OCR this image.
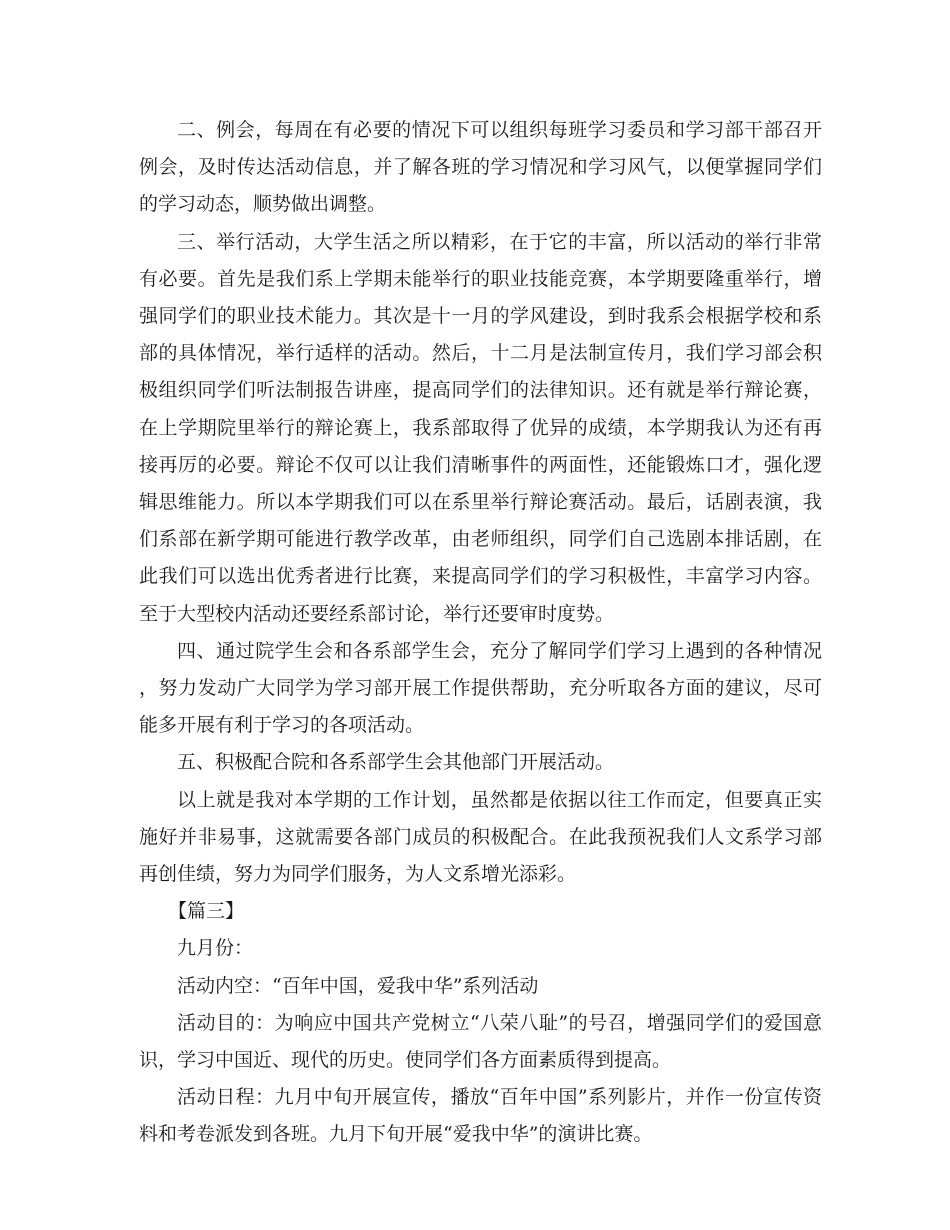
二、例会，每周在有必要的情况下可以组织每班学习委员和学习部干部召开例会，及时传达活动信息，并了解各班的学习情况和学习风气，以便掌握同学们的学习动态，顺势做出调整。

三、举行活动，大学生活之所以精彩，在于它的丰富，所以活动的举行非常有必要。首先是我们系上学期未能举行的职业技能竞赛，本学期要隆重举行，增强同学们的职业技术能力。其次是十一月的学风建设，到时我系会根据学校和系部的具体情况，举行适样的活动。然后，十二月是法制宣传月，我们学习部会积极组织同学们听法制报告讲座，提高同学们的法律知识。还有就是举行辩论赛，在上学期院里举行的辩论赛上，我系部取得了优异的成绩，本学期我认为还有再接再厉的必要。辩论不仅可以让我们清晰事件的两面性，还能锻炼口才，强化逻辑思维能力。所以本学期我们可以在系里举行辩论赛活动。最后，话剧表演，我们系部在新学期可能进行教学改革，由老师组织，同学们自己选剧本排话剧，在此我们可以选出优秀者进行比赛，来提高同学们的学习积极性，丰富学习内容。至于大型校内活动还要经系部讨论，举行还要审时度势。

四、通过院学生会和各系部学生会，充分了解同学们学习上遇到的各种情况，努力发动广大同学为学习部开展工作提供帮助，充分听取各方面的建议，尽可能多开展有利于学习的各项活动。

五、积极配合院和各系部学生会其他部门开展活动。

以上就是我对本学期的工作计划，虽然都是依据以往工作而定，但要真正实施好并非易事，这就需要各部门成员的积极配合。在此我预祝我们人文系学习部再创佳绩，努力为同学们服务，为人文系增光添彩。

【篇三】

九月份：

活动内空：“百年中国，爱我中华”系列活动

活动目的：为响应中国共产党树立“八荣八耻”的号召，增强同学们的爱国意识，学习中国近、现代的历史。使同学们各方面素质得到提高。

活动日程：九月中旬开展宣传，播放“百年中国”系列影片，并作一份宣传资料和考卷派发到各班。九月下旬开展“爱我中华”的演讲比赛。
